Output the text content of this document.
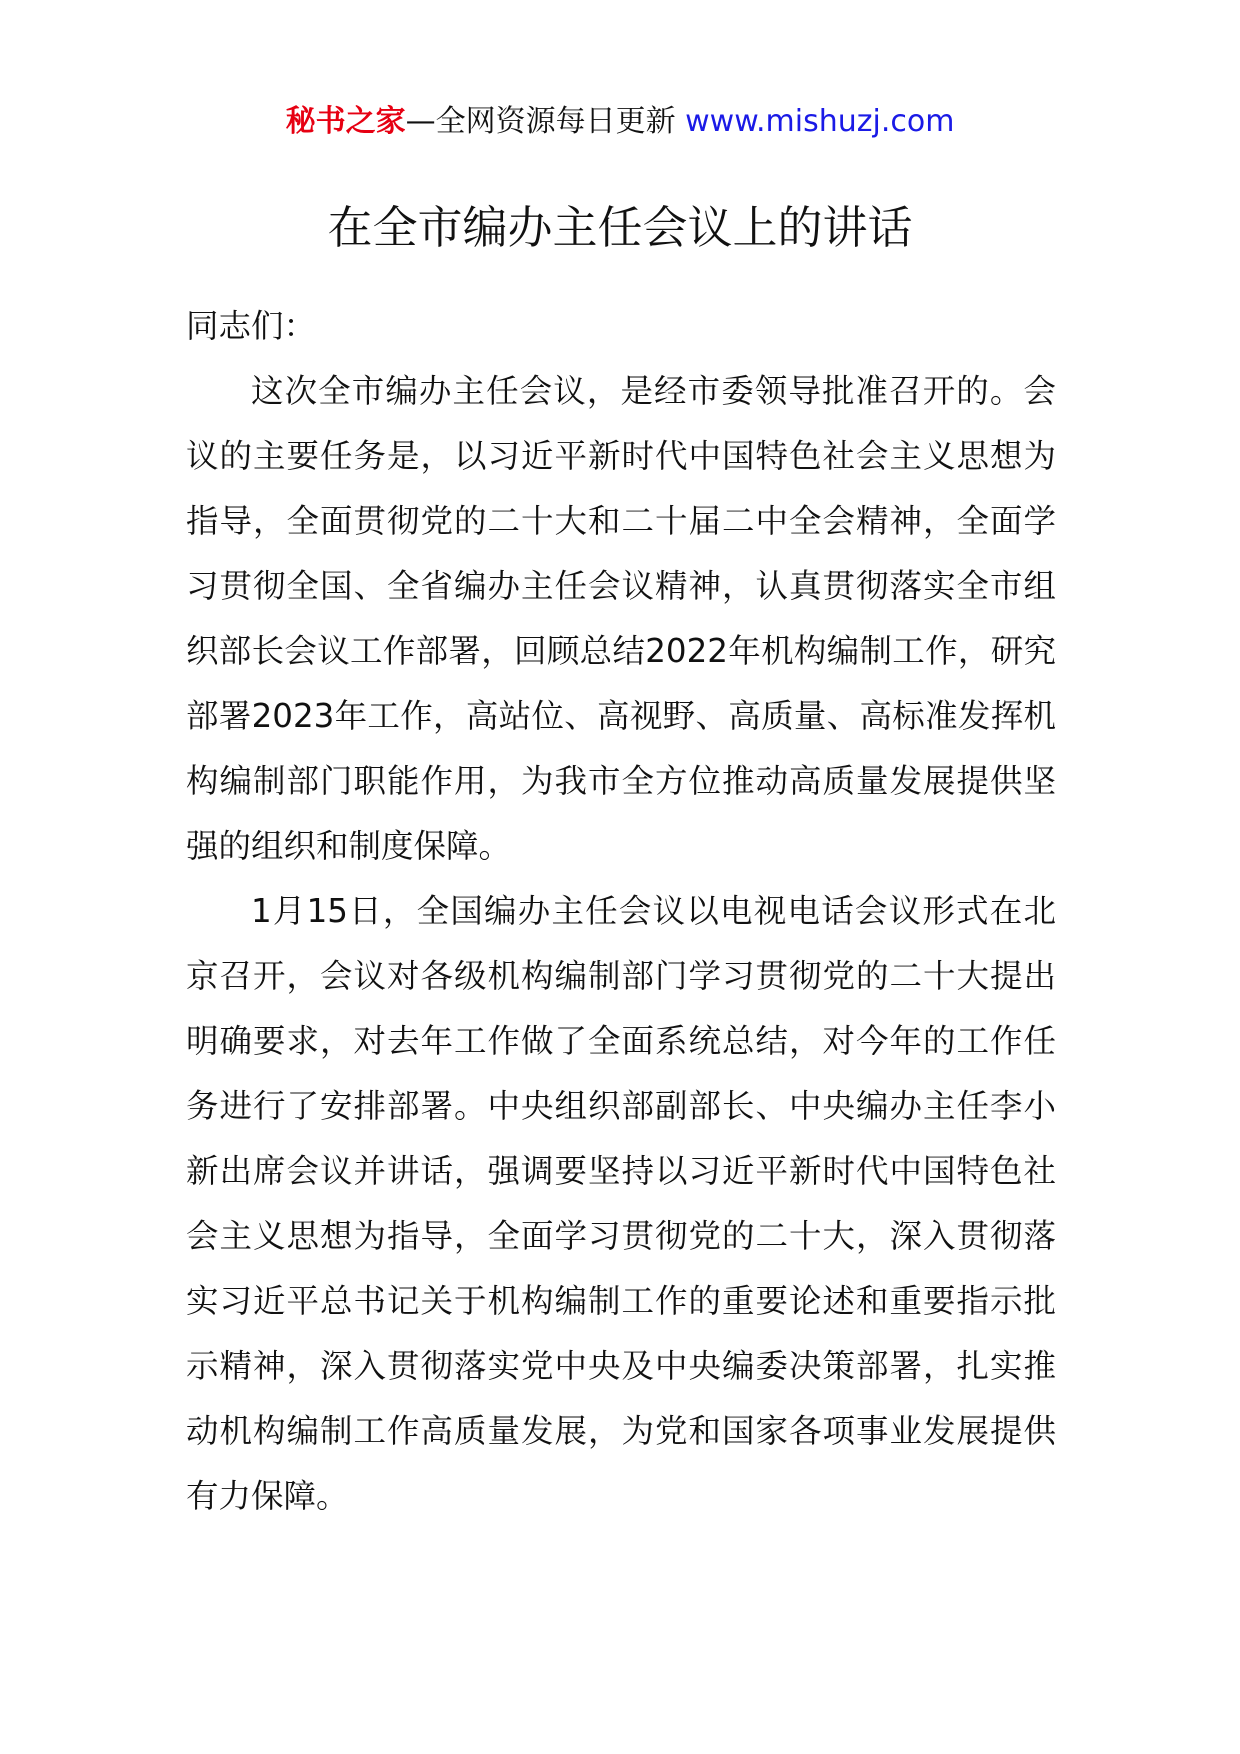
秘书之家—全网资源每日更新 www.mishuzj.com
在全市编办主任会议上的讲话

同志们：

这次全市编办主任会议，是经市委领导批准召开的。会议的主要任务是，以习近平新时代中国特色社会主义思想为指导，全面贯彻党的二十大和二十届二中全会精神，全面学习贯彻全国、全省编办主任会议精神，认真贯彻落实全市组织部长会议工作部署，回顾总结2022年机构编制工作，研究部署2023年工作，高站位、高视野、高质量、高标准发挥机构编制部门职能作用，为我市全方位推动高质量发展提供坚强的组织和制度保障。

1月15日，全国编办主任会议以电视电话会议形式在北京召开，会议对各级机构编制部门学习贯彻党的二十大提出明确要求，对去年工作做了全面系统总结，对今年的工作任务进行了安排部署。中央组织部副部长、中央编办主任李小新出席会议并讲话，强调要坚持以习近平新时代中国特色社会主义思想为指导，全面学习贯彻党的二十大，深入贯彻落实习近平总书记关于机构编制工作的重要论述和重要指示批示精神，深入贯彻落实党中央及中央编委决策部署，扎实推动机构编制工作高质量发展，为党和国家各项事业发展提供有力保障。
